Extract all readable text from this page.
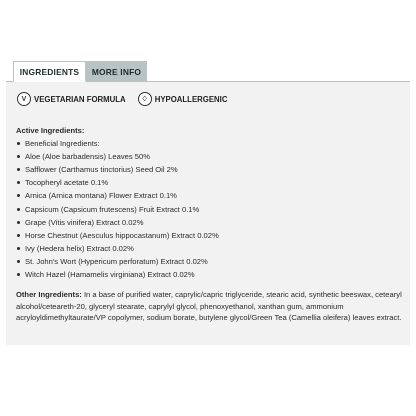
INGREDIENTS	MORE INFO
V VEGETARIAN FORMULA	♢ HYPOALLERGENIC
Active Ingredients:
Beneficial Ingredients:
Aloe (Aloe barbadensis) Leaves 50%
Safflower (Carthamus tinctorius) Seed Oil 2%
Tocopheryl acetate 0.1%
Arnica (Arnica montana) Flower Extract 0.1%
Capsicum (Capsicum frutescens) Fruit Extract 0.1%
Grape (Vitis vinifera) Extract 0.02%
Horse Chestnut (Aesculus hippocastanum) Extract 0.02%
Ivy (Hedera helix) Extract 0.02%
St. John's Wort (Hypericum perforatum) Extract 0.02%
Witch Hazel (Hamamelis virginiana) Extract 0.02%
Other Ingredients: In a base of purified water, caprylic/capric triglyceride, stearic acid, synthetic beeswax, cetearyl alcohol/ceteareth-20, glyceryl stearate, caprylyl glycol, phenoxyethanol, xanthan gum, ammonium acryloyldimethyltaurate/VP copolymer, sodium borate, butylene glycol/Green Tea (Camellia oleifera) leaves extract.
